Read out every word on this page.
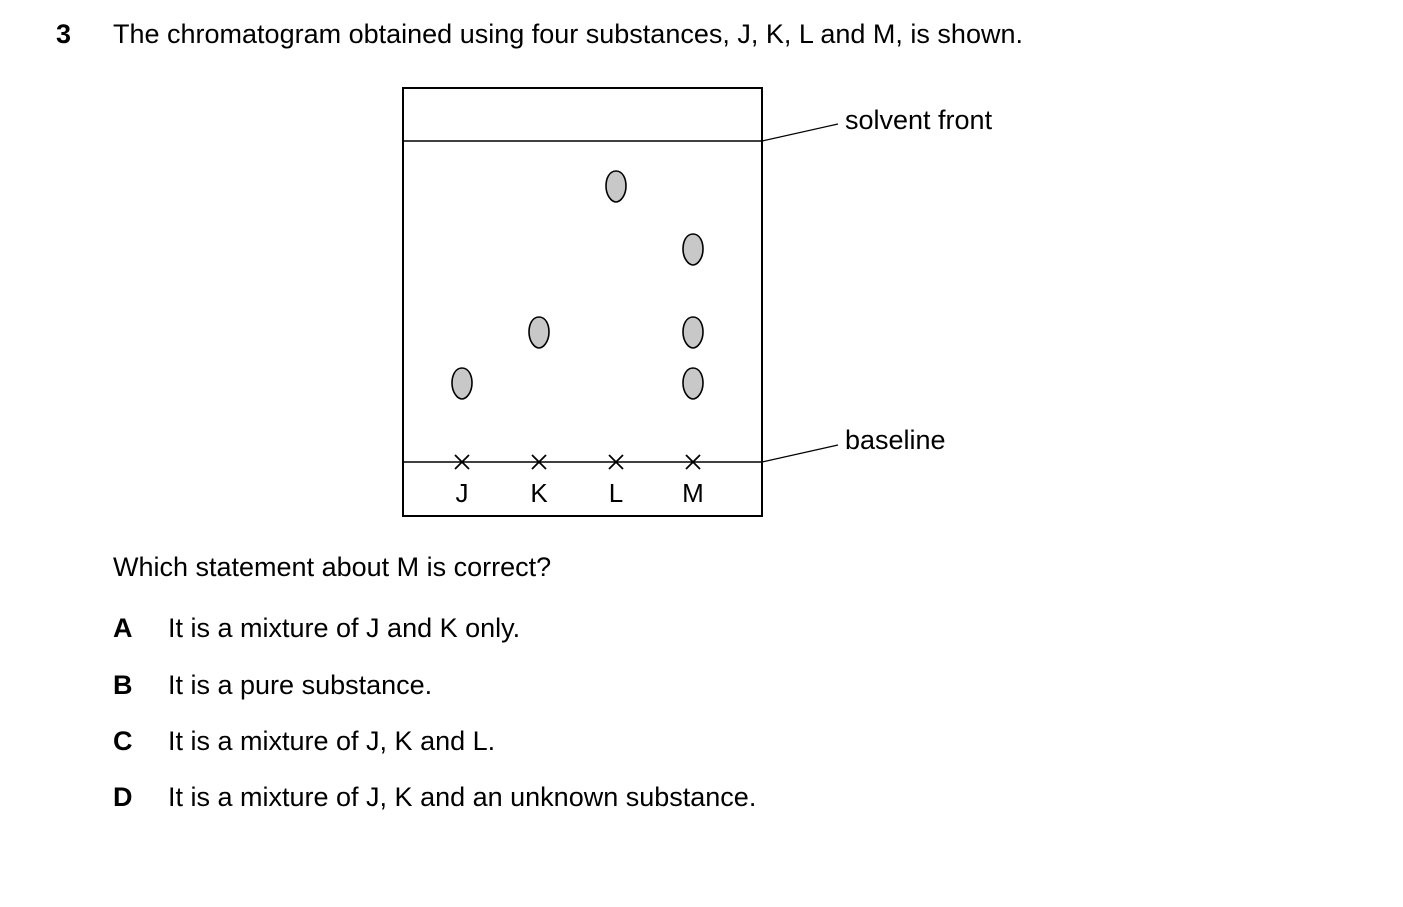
3 The chromatogram obtained using four substances, J, K, L and M, is shown.
solvent front
baseline
J K L M
Which statement about M is correct?
A It is a mixture of J and K only.
B It is a pure substance.
C It is a mixture of J, K and L.
D It is a mixture of J, K and an unknown substance.
